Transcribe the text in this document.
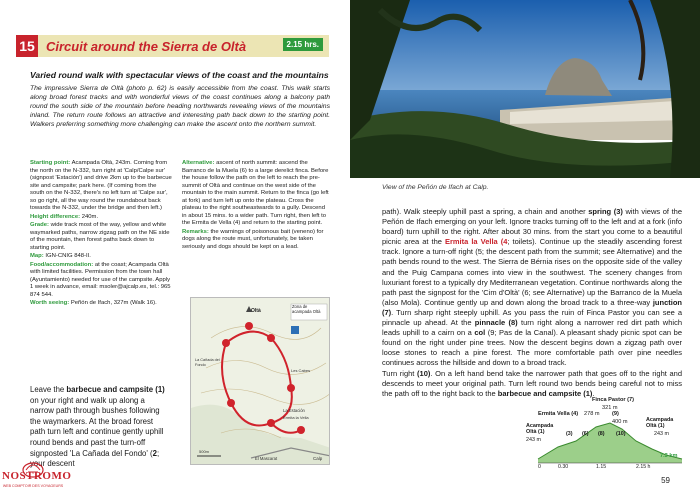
15 Circuit around the Sierra de Oltà	2.15 hrs.
Varied round walk with spectacular views of the coast and the mountains
The impressive Sierra de Oltà (photo p. 62) is easily accessible from the coast. This walk starts along broad forest tracks and with wonderful views of the coast continues along a balcony path round the south side of the mountain before heading northwards revealing views of the mountains inland. The return route follows an attractive and interesting path back down to the starting point. Walkers preferring something more challenging can make the ascent onto the northern summit.

Starting point: Acampada Oltà, 243m. Coming from the north on the N-332, turn right at 'Calp/Calpe sur' (signpost 'Estación') and drive 2km up to the barbecue site and campsite; park here. (If coming from the south on the N-332, there's no left turn at 'Calpe sur', so go right, all the way round the roundabout back towards the N-332, under the bridge and then left.)

Height difference: 240m.

Grade: wide track most of the way, yellow and white waymarked paths, narrow zigzag path on the NE side of the mountain, then forest paths back down to starting point.

Map: IGN-CNIG 848-II.

Food/accommodation: at the coast; Acampada Oltà with limited facilities. Permission from the town hall (Ayuntamiento) needed for use of the campsite. Apply 1 week in advance, email: msoler@ajcalp.es, tel.: 965 874 544.

Worth seeing: Peñón de Ifach, 327m (Walk 16).

Alternative: ascent of north summit: ascend the Barranco de la Muela (6) to a large derelict finca. Before the house follow the path on the left to reach the pre-summit of Oltà and continue on the west side of the mountain to the main summit. Return to the finca (go left at fork) and turn left up onto the plateau. Cross the plateau to the right southeastwards to a gully. Descend in about 15 mins. to a wider path. Turn right, then left to the Ermita de Vella (4) and return to the starting point.

Remarks: the warnings of poisonous bait (veneno) for dogs along the route must, unfortunately, be taken seriously and dogs should be kept on a lead.

Leave the barbecue and campsite (1) on your right and walk up along a narrow path through bushes following the waymarkers. At the broad forest path turn left and continue gently uphill round bends and past the turn-off signposted 'La Cañada del Fondo' (2; your descent
Zona de acampada Oltà
Oltà
La Cañada del Fondo
Les Cabes
La Estación
Ermita la Vella
El Mascarat	Calp
500m
NOSTROMO
WEB COMPTOIR DES VOYAGEURS
View of the Peñón de Ifach at Calp.
path). Walk steeply uphill past a spring, a chain and another spring (3) with views of the Peñón de Ifach emerging on your left. Ignore tracks turning off to the left and at a fork (info board) turn uphill to the right. After about 30 mins. from the start you come to a beautiful picnic area at the Ermita la Vella (4; toilets). Continue up the steadily ascending forest track. Ignore a turn-off right (5; the descent path from the summit; see Alternative) and the path bends round to the west. The Sierra de Bérnia rises on the opposite side of the valley and the Puig Campana comes into view in the southwest. The scenery changes from luxuriant forest to a typically dry Mediterranean vegetation. Continue northwards along the path past the signpost for the 'Cim d'Oltà' (6; see Alternative) up the Barranco de la Muela (also Mola). Continue gently up and down along the broad track to a three-way junction (7). Turn sharp right steeply uphill. As you pass the ruin of Finca Pastor you can see a pinnacle up ahead. At the pinnacle (8) turn right along a narrower red dirt path which leads uphill to a cairn on a col (9; Pas de la Canal). A pleasant shady picnic spot can be found on the right under pine trees. Now the descent begins down a zigzag path over loose stones to reach a pine forest. The more comfortable path over pine needles continues across the hillside and down to a broad track.
Turn right (10). On a left hand bend take the narrower path that goes off to the right and descends to meet your original path. Turn left round two bends being careful not to miss the path off to the right back to the barbecue and campsite (1).
Finca Pastor (7)
321 m
Ermita Vella (4) 278 m (9)
400 m
Acampada Oltà (1)
243 m
Acampada Oltà (1)
243 m
(3) (6) (8) (10)
7.3 km
0	0.30	1.15	2.15 h
59
